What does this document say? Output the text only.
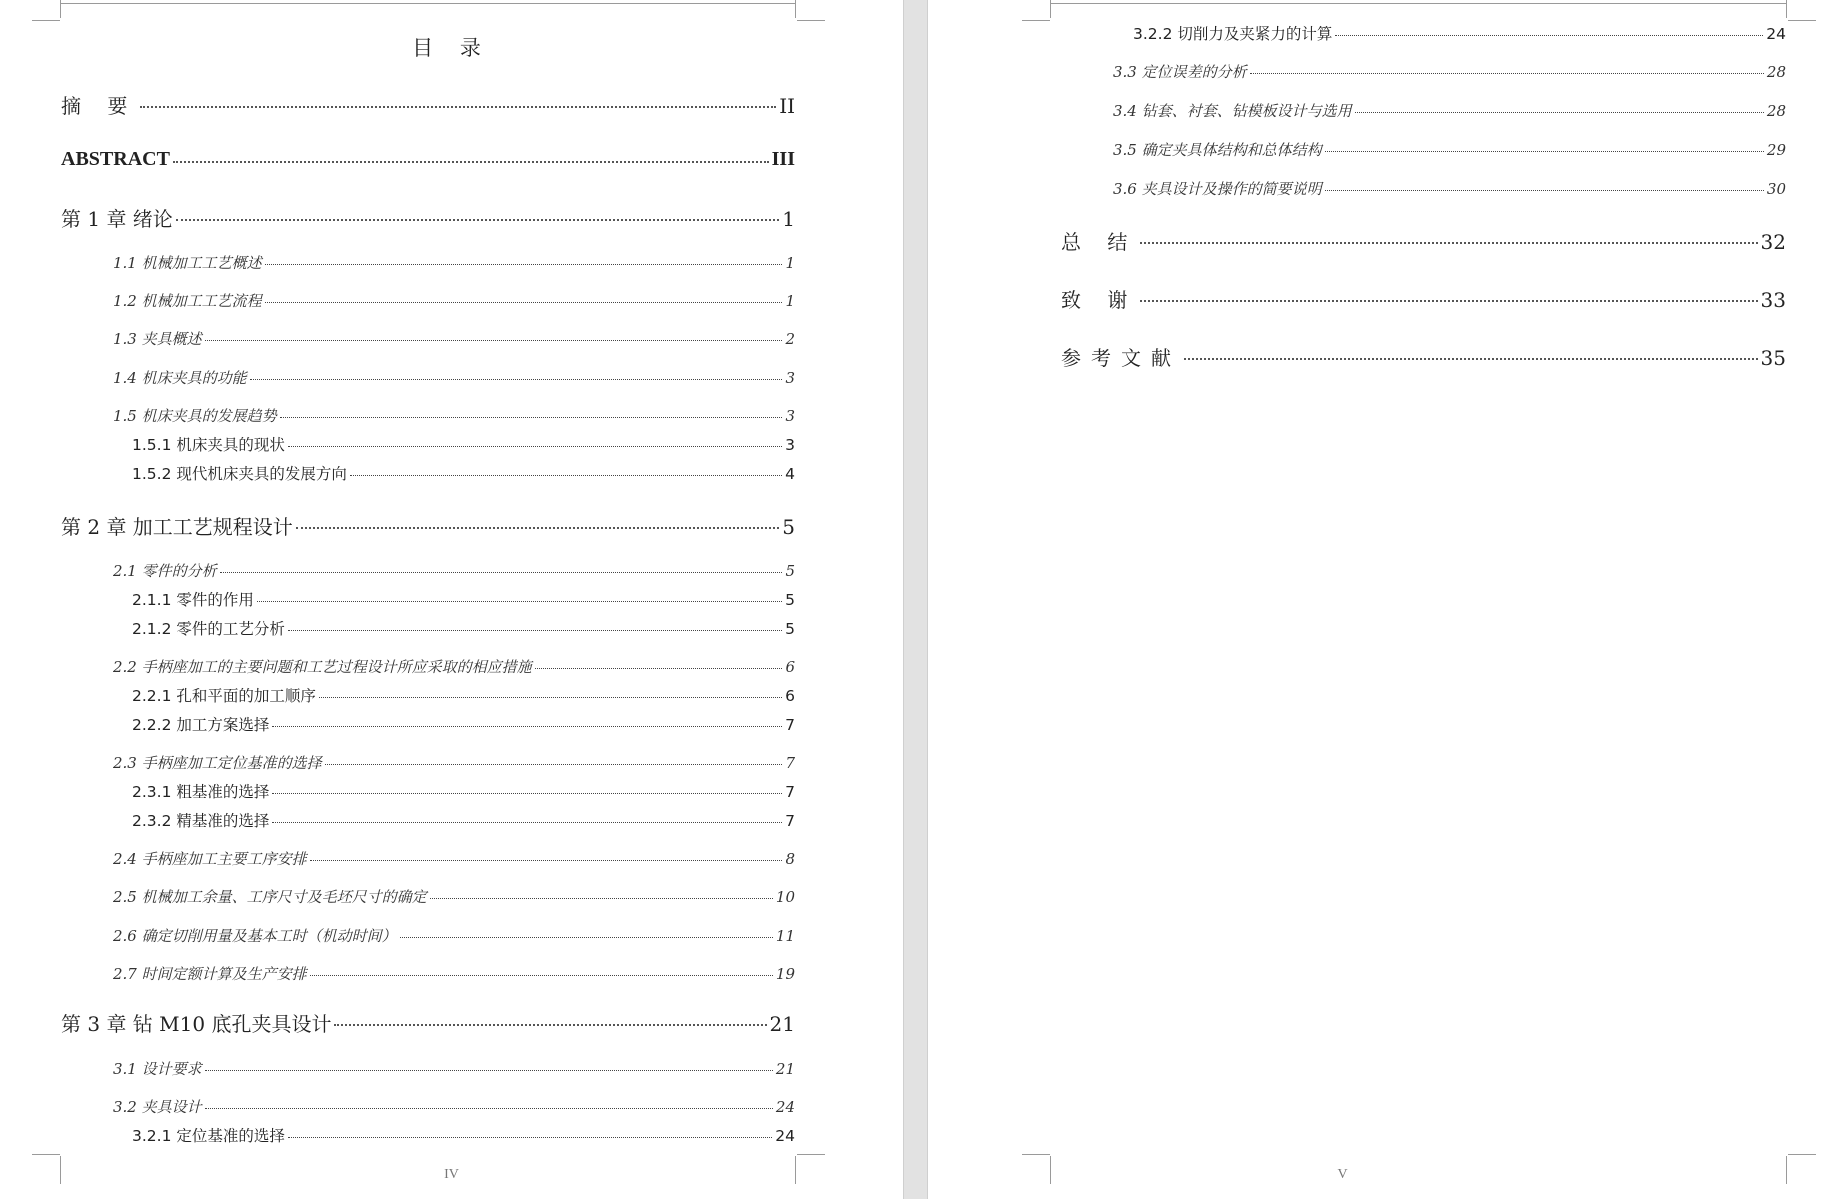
目 录
摘 要	II
ABSTRACT	III
第 1 章 绪论	1
1.1 机械加工工艺概述	1
1.2 机械加工工艺流程	1
1.3 夹具概述	2
1.4 机床夹具的功能	3
1.5 机床夹具的发展趋势	3
1.5.1 机床夹具的现状	3
1.5.2 现代机床夹具的发展方向	4
第 2 章 加工工艺规程设计	5
2.1 零件的分析	5
2.1.1 零件的作用	5
2.1.2 零件的工艺分析	5
2.2 手柄座加工的主要问题和工艺过程设计所应采取的相应措施	6
2.2.1 孔和平面的加工顺序	6
2.2.2 加工方案选择	7
2.3 手柄座加工定位基准的选择	7
2.3.1 粗基准的选择	7
2.3.2 精基准的选择	7
2.4 手柄座加工主要工序安排	8
2.5 机械加工余量、工序尺寸及毛坯尺寸的确定	10
2.6 确定切削用量及基本工时（机动时间）	11
2.7 时间定额计算及生产安排	19
第 3 章 钻 M10 底孔夹具设计	21
3.1 设计要求	21
3.2 夹具设计	24
3.2.1 定位基准的选择	24
IV
3.2.2 切削力及夹紧力的计算	24
3.3 定位误差的分析	28
3.4 钻套、衬套、钻模板设计与选用	28
3.5 确定夹具体结构和总体结构	29
3.6 夹具设计及操作的简要说明	30
总 结	32
致 谢	33
参考文献	35
V
